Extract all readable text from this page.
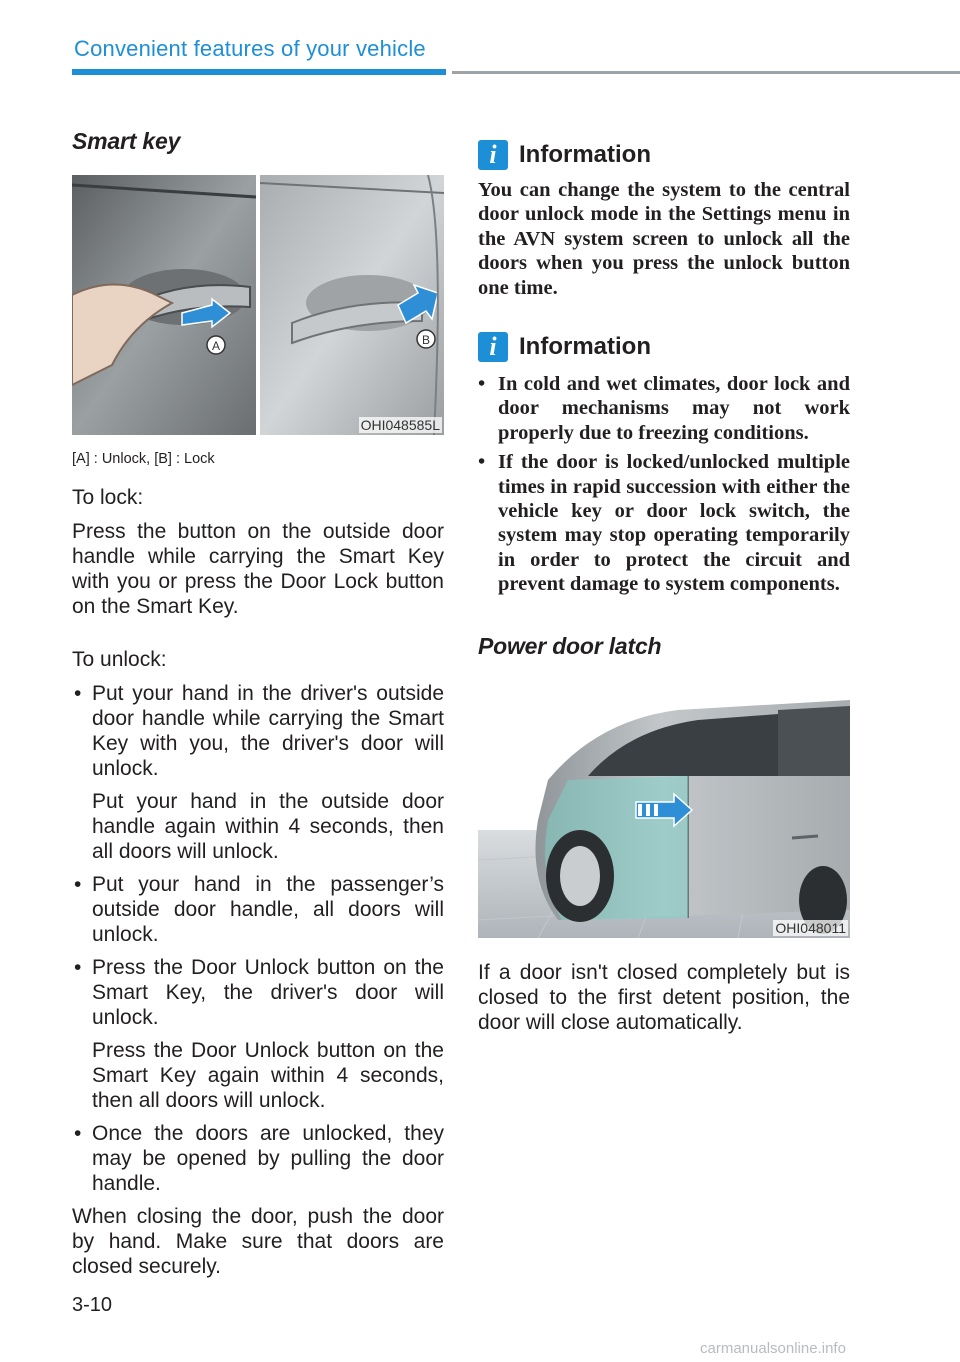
Convenient features of your vehicle
Smart key
A	B
OHI048585L

[A] : Unlock, [B] : Lock

To lock:

Press the button on the outside door handle while carrying the Smart Key with you or press the Door Lock button on the Smart Key.

To unlock:

• Put your hand in the driver's outside door handle while carrying the Smart Key with you, the driver's door will unlock.

Put your hand in the outside door handle again within 4 seconds, then all doors will unlock.

• Put your hand in the passenger’s outside door handle, all doors will unlock.
• Press the Door Unlock button on the Smart Key, the driver's door will unlock.

Press the Door Unlock button on the Smart Key again within 4 seconds, then all doors will unlock.

• Once the doors are unlocked, they may be opened by pulling the door handle.

When closing the door, push the door by hand. Make sure that doors are closed securely.

i Information

You can change the system to the central door unlock mode in the Settings menu in the AVN system screen to unlock all the doors when you press the unlock button one time.

i Information
• In cold and wet climates, door lock and door mechanisms may not work properly due to freezing conditions.
• If the door is locked/unlocked multiple times in rapid succession with either the vehicle key or door lock switch, the system may stop operating temporarily in order to protect the circuit and prevent damage to system components.
Power door latch
OHI048011

If a door isn't closed completely but is closed to the first detent position, the door will close automatically.

3-10
carmanualsonline.info
